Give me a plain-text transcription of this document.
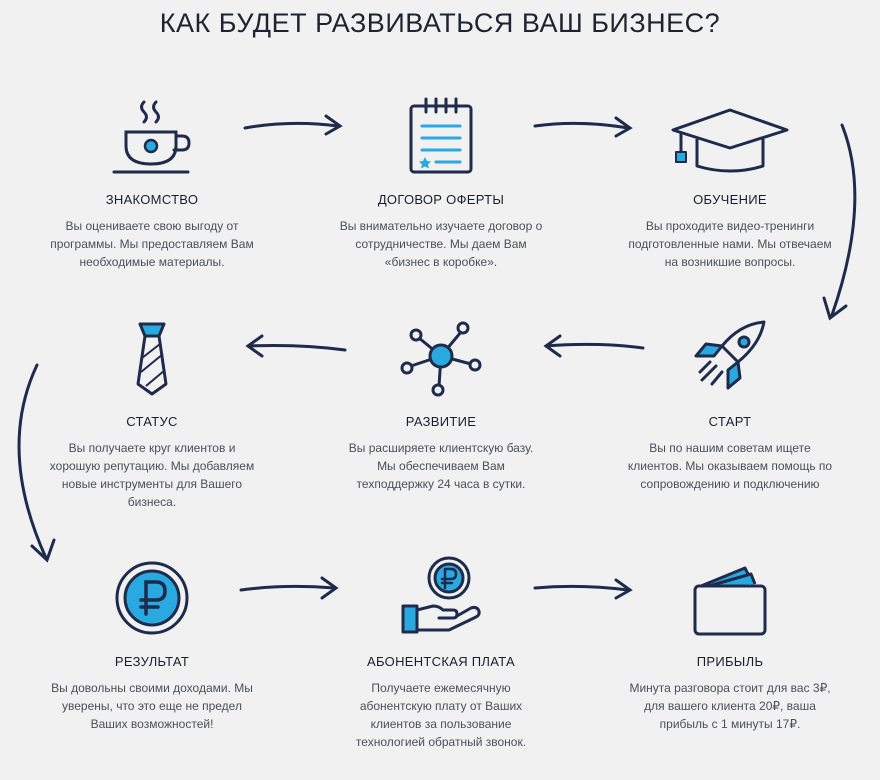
КАК БУДЕТ РАЗВИВАТЬСЯ ВАШ БИЗНЕС?
ЗНАКОМСТВО
Вы оцениваете свою выгоду от
программы. Мы предоставляем Вам
необходимые материалы.
ДОГОВОР ОФЕРТЫ
Вы внимательно изучаете договор о
сотрудничестве. Мы даем Вам
«бизнес в коробке».
ОБУЧЕНИЕ
Вы проходите видео-тренинги
подготовленные нами. Мы отвечаем
на возникшие вопросы.
СТАТУС
Вы получаете круг клиентов и
хорошую репутацию. Мы добавляем
новые инструменты для Вашего
бизнеса.
РАЗВИТИЕ
Вы расширяете клиентскую базу.
Мы обеспечиваем Вам
техподдержку 24 часа в сутки.
СТАРТ
Вы по нашим советам ищете
клиентов. Мы оказываем помощь по
сопровождению и подключению
РЕЗУЛЬТАТ
Вы довольны своими доходами. Мы
уверены, что это еще не предел
Ваших возможностей!
АБОНЕНТСКАЯ ПЛАТА
Получаете ежемесячную
абонентскую плату от Ваших
клиентов за пользование
технологией обратный звонок.
ПРИБЫЛЬ
Минута разговора стоит для вас 3₽,
для вашего клиента 20₽, ваша
прибыль с 1 минуты 17₽.
